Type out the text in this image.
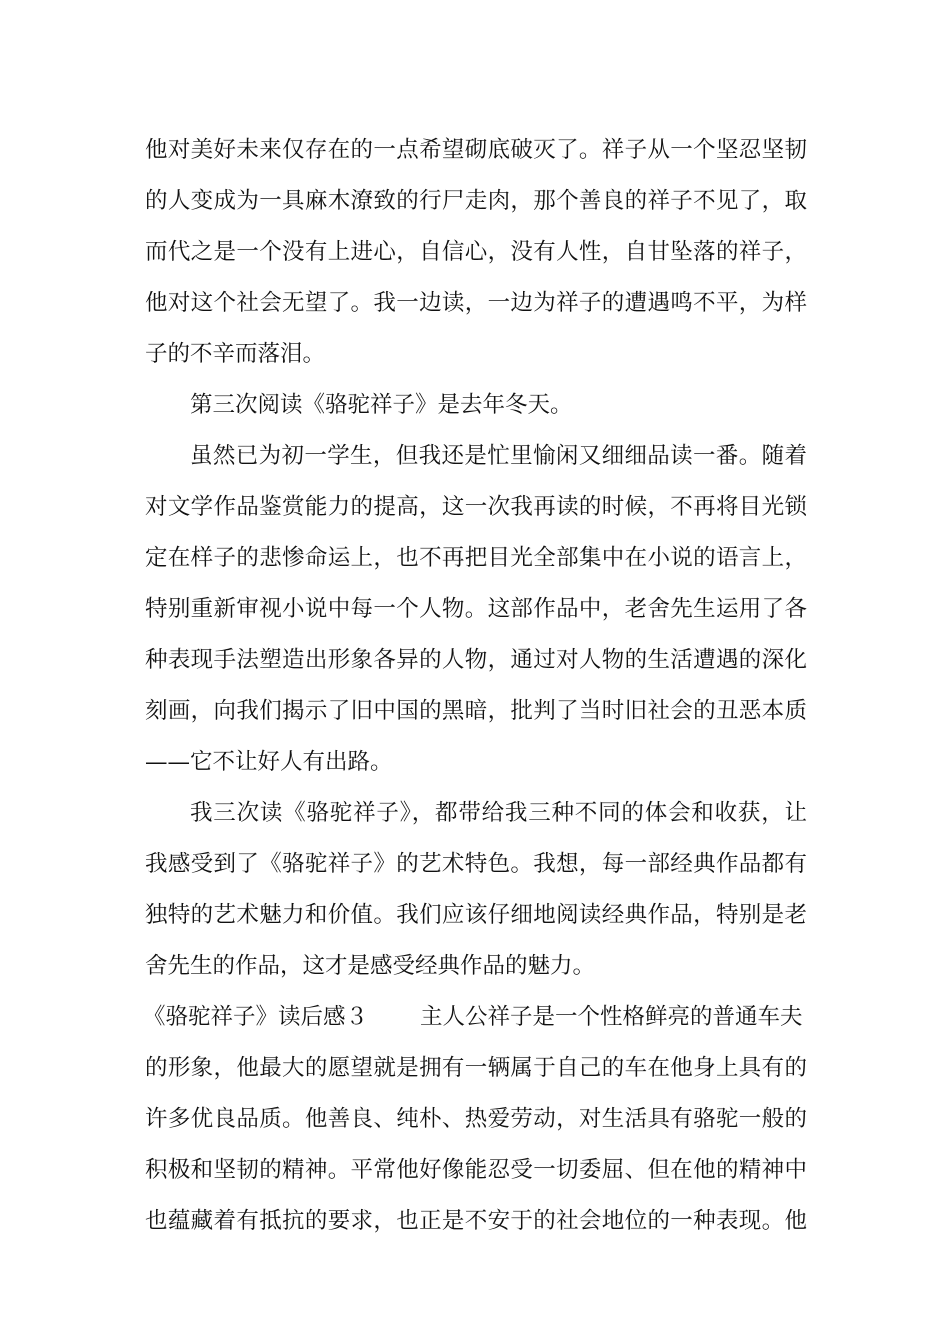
他对美好未来仅存在的一点希望砌底破灭了。祥子从一个坚忍坚韧
的人变成为一具麻木潦致的行尸走肉，那个善良的祥子不见了，取
而代之是一个没有上进心，自信心，没有人性，自甘坠落的祥子，
他对这个社会无望了。我一边读，一边为祥子的遭遇鸣不平，为样
子的不辛而落泪。
第三次阅读《骆驼祥子》是去年冬天。
虽然已为初一学生，但我还是忙里愉闲又细细品读一番。随着
对文学作品鉴赏能力的提高，这一次我再读的时候，不再将目光锁
定在样子的悲惨命运上，也不再把目光全部集中在小说的语言上，
特别重新审视小说中每一个人物。这部作品中，老舍先生运用了各
种表现手法塑造出形象各异的人物，通过对人物的生活遭遇的深化
刻画，向我们揭示了旧中国的黑暗，批判了当时旧社会的丑恶本质
——它不让好人有出路。
我三次读《骆驼祥子》，都带给我三种不同的体会和收获，让
我感受到了《骆驼祥子》的艺术特色。我想，每一部经典作品都有
独特的艺术魅力和价值。我们应该仔细地阅读经典作品，特别是老
舍先生的作品，这才是感受经典作品的魅力。
《骆驼祥子》读后感３ 主人公祥子是一个性格鲜亮的普通车夫
的形象，他最大的愿望就是拥有一辆属于自己的车在他身上具有的
许多优良品质。他善良、纯朴、热爱劳动，对生活具有骆驼一般的
积极和坚韧的精神。平常他好像能忍受一切委屈、但在他的精神中
也蕴藏着有抵抗的要求，也正是不安于的社会地位的一种表现。他
